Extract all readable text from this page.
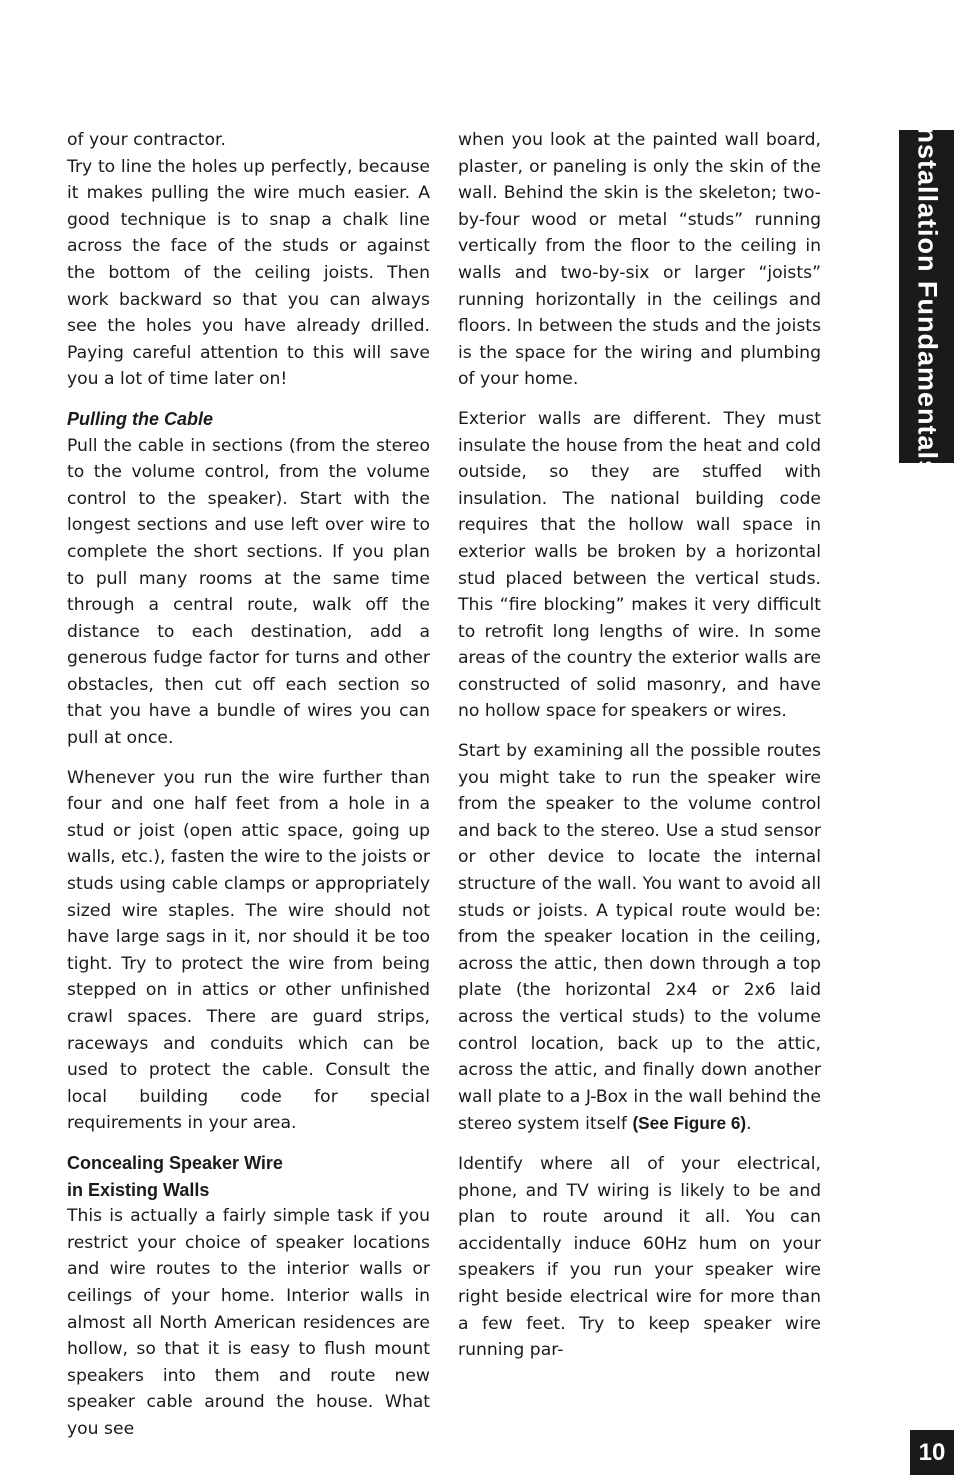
of your contractor.

Try to line the holes up perfectly, because it makes pulling the wire much easier. A good technique is to snap a chalk line across the face of the studs or against the bottom of the ceiling joists. Then work backward so that you can always see the holes you have already drilled. Paying careful attention to this will save you a lot of time later on!

Pulling the Cable

Pull the cable in sections (from the stereo to the volume control, from the volume control to the speaker). Start with the longest sections and use left over wire to complete the short sections. If you plan to pull many rooms at the same time through a central route, walk off the distance to each destination, add a generous fudge factor for turns and other obstacles, then cut off each section so that you have a bundle of wires you can pull at once.

Whenever you run the wire further than four and one half feet from a hole in a stud or joist (open attic space, going up walls, etc.), fasten the wire to the joists or studs using cable clamps or appropriately sized wire staples. The wire should not have large sags in it, nor should it be too tight. Try to protect the wire from being stepped on in attics or other unfinished crawl spaces. There are guard strips, raceways and conduits which can be used to protect the cable. Consult the local building code for special requirements in your area.

Concealing Speaker Wire
in Existing Walls

This is actually a fairly simple task if you restrict your choice of speaker locations and wire routes to the interior walls or ceilings of your home. Interior walls in almost all North American residences are hollow, so that it is easy to flush mount speakers into them and route new speaker cable around the house. What you see

when you look at the painted wall board, plaster, or paneling is only the skin of the wall. Behind the skin is the skeleton; two-by-four wood or metal “studs” running vertically from the floor to the ceiling in walls and two-by-six or larger “joists” running horizontally in the ceilings and floors. In between the studs and the joists is the space for the wiring and plumbing of your home.

Exterior walls are different. They must insulate the house from the heat and cold outside, so they are stuffed with insulation. The national building code requires that the hollow wall space in exterior walls be broken by a horizontal stud placed between the vertical studs. This “fire blocking” makes it very difficult to retrofit long lengths of wire. In some areas of the country the exterior walls are constructed of solid masonry, and have no hollow space for speakers or wires.

Start by examining all the possible routes you might take to run the speaker wire from the speaker to the volume control and back to the stereo. Use a stud sensor or other device to locate the internal structure of the wall. You want to avoid all studs or joists. A typical route would be: from the speaker location in the ceiling, across the attic, then down through a top plate (the horizontal 2x4 or 2x6 laid across the vertical studs) to the volume control location, back up to the attic, across the attic, and finally down another wall plate to a J-Box in the wall behind the stereo system itself (See Figure 6).

Identify where all of your electrical, phone, and TV wiring is likely to be and plan to route around it all. You can accidentally induce 60Hz hum on your speakers if you run your speaker wire right beside electrical wire for more than a few feet. Try to keep speaker wire running par-

Installation Fundamentals
10
